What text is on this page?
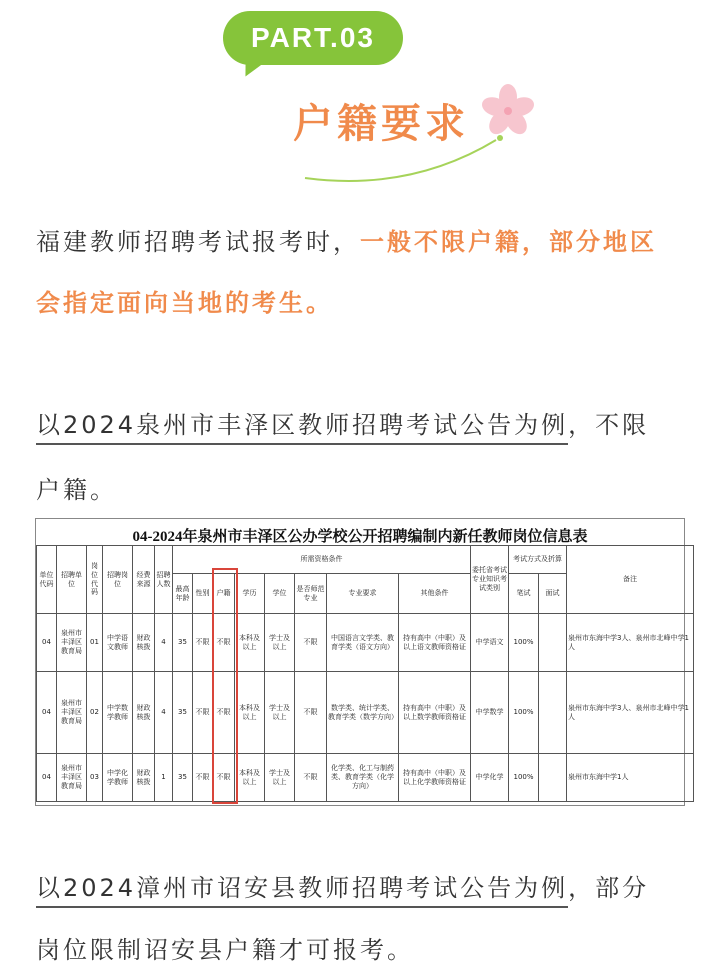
PART.03
户籍要求
福建教师招聘考试报考时，一般不限户籍，部分地区
会指定面向当地的考生。
以2024泉州市丰泽区教师招聘考试公告为例，不限
户籍。
04-2024年泉州市丰泽区公办学校公开招聘编制内新任教师岗位信息表
单位代码	招聘单位	岗位代码	招聘岗位	经费来源	招聘人数	所需资格条件								委托省考试专业知识考试类别	考试方式及折算		备注
						最高年龄	性别	户籍	学历	学位	是否师范专业	专业要求	其他条件		笔试	面试	
04	泉州市丰泽区教育局	01	中学语文教师	财政核拨	4	35	不限	不限	本科及以上	学士及以上	不限	中国语言文学类、教育学类（语文方向）	持有高中（中职）及以上语文教师资格证	中学语文	100%		泉州市东海中学3人、泉州市北峰中学1人
04	泉州市丰泽区教育局	02	中学数学教师	财政核拨	4	35	不限	不限	本科及以上	学士及以上	不限	数学类、统计学类、教育学类（数学方向）	持有高中（中职）及以上数学教师资格证	中学数学	100%		泉州市东海中学3人、泉州市北峰中学1人
04	泉州市丰泽区教育局	03	中学化学教师	财政核拨	1	35	不限	不限	本科及以上	学士及以上	不限	化学类、化工与制药类、教育学类（化学方向）	持有高中（中职）及以上化学教师资格证	中学化学	100%		泉州市东海中学1人
以2024漳州市诏安县教师招聘考试公告为例，部分
岗位限制诏安县户籍才可报考。
